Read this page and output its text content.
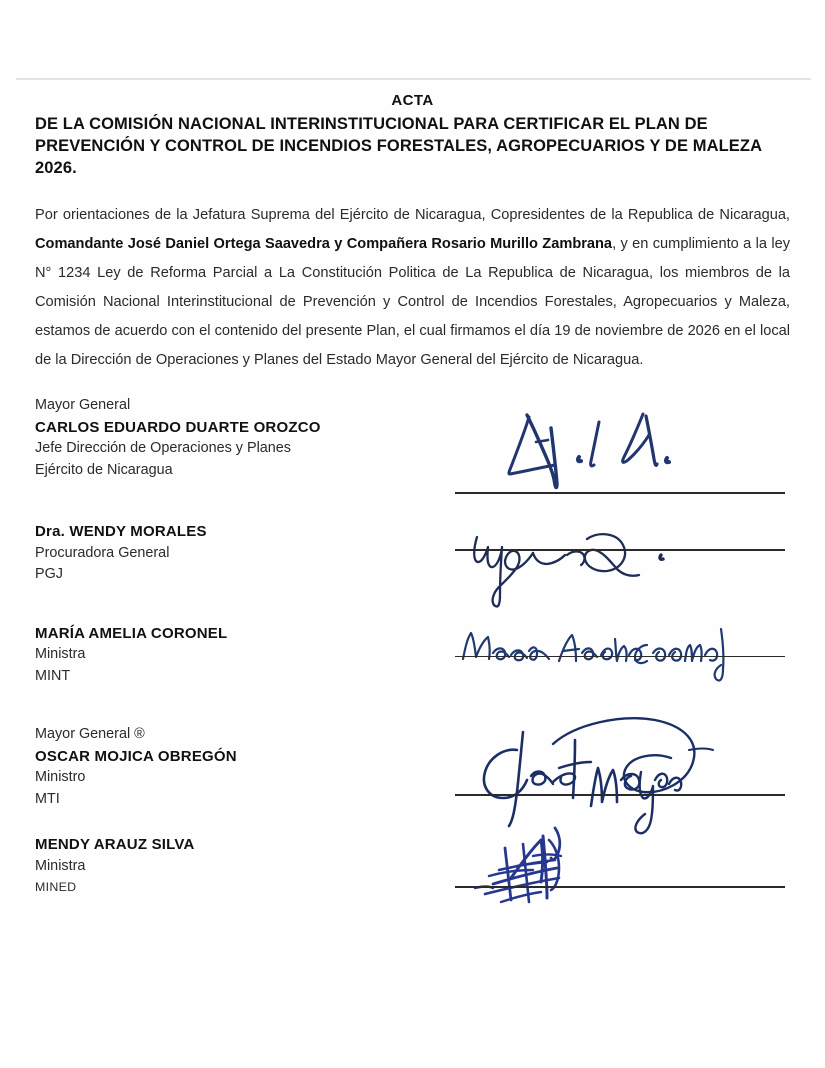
ACTA
DE LA COMISIÓN NACIONAL INTERINSTITUCIONAL PARA CERTIFICAR EL PLAN DE PREVENCIÓN Y CONTROL DE INCENDIOS FORESTALES, AGROPECUARIOS Y DE MALEZA 2026.

Por orientaciones de la Jefatura Suprema del Ejército de Nicaragua, Copresidentes de la Republica de Nicaragua, Comandante José Daniel Ortega Saavedra y Compañera Rosario Murillo Zambrana, y en cumplimiento a la ley N° 1234 Ley de Reforma Parcial a La Constitución Politica de La Republica de Nicaragua, los miembros de la Comisión Nacional Interinstitucional de Prevención y Control de Incendios Forestales, Agropecuarios y Maleza, estamos de acuerdo con el contenido del presente Plan, el cual firmamos el día 19 de noviembre de 2026 en el local de la Dirección de Operaciones y Planes del Estado Mayor General del Ejército de Nicaragua.

Mayor General
CARLOS EDUARDO DUARTE OROZCO
Jefe Dirección de Operaciones y Planes
Ejército de Nicaragua
Dra. WENDY MORALES
Procuradora General
PGJ
MARÍA AMELIA CORONEL
Ministra
MINT
Mayor General ®
OSCAR MOJICA OBREGÓN
Ministro
MTI
MENDY ARAUZ SILVA
Ministra
MINED
